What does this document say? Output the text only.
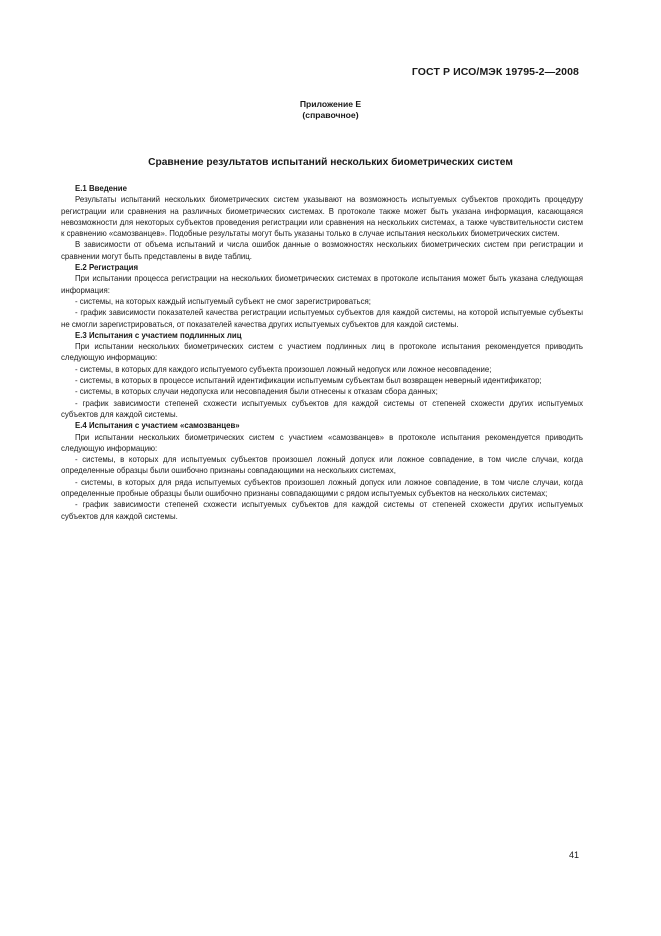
ГОСТ Р ИСО/МЭК 19795-2—2008
Приложение Е
(справочное)
Сравнение результатов испытаний нескольких биометрических систем
Е.1 Введение

Результаты испытаний нескольких биометрических систем указывают на возможность испытуемых субъектов проходить процедуру регистрации или сравнения на различных биометрических системах. В протоколе также может быть указана информация, касающаяся невозможности для некоторых субъектов проведения регистрации или сравнения на нескольких системах, а также чувствительности систем к сравнению «самозванцев». Подобные результаты могут быть указаны только в случае испытания нескольких биометрических систем.

В зависимости от объема испытаний и числа ошибок данные о возможностях нескольких биометрических систем при регистрации и сравнении могут быть представлены в виде таблиц.

Е.2 Регистрация

При испытании процесса регистрации на нескольких биометрических системах в протоколе испытания может быть указана следующая информация:

- системы, на которых каждый испытуемый субъект не смог зарегистрироваться;

- график зависимости показателей качества регистрации испытуемых субъектов для каждой системы, на которой испытуемые субъекты не смогли зарегистрироваться, от показателей качества других испытуемых субъектов для каждой системы.

Е.3 Испытания с участием подлинных лиц

При испытании нескольких биометрических систем с участием подлинных лиц в протоколе испытания рекомендуется приводить следующую информацию:

- системы, в которых для каждого испытуемого субъекта произошел ложный недопуск или ложное несовпадение;

- системы, в которых в процессе испытаний идентификации испытуемым субъектам был возвращен неверный идентификатор;

- системы, в которых случаи недопуска или несовпадения были отнесены к отказам сбора данных;

- график зависимости степеней схожести испытуемых субъектов для каждой системы от степеней схожести других испытуемых субъектов для каждой системы.

Е.4 Испытания с участием «самозванцев»

При испытании нескольких биометрических систем с участием «самозванцев» в протоколе испытания рекомендуется приводить следующую информацию:

- системы, в которых для испытуемых субъектов произошел ложный допуск или ложное совпадение, в том числе случаи, когда определенные образцы были ошибочно признаны совпадающими на нескольких системах,

- системы, в которых для ряда испытуемых субъектов произошел ложный допуск или ложное совпадение, в том числе случаи, когда определенные пробные образцы были ошибочно признаны совпадающими с рядом испытуемых субъектов на нескольких системах;

- график зависимости степеней схожести испытуемых субъектов для каждой системы от степеней схожести других испытуемых субъектов для каждой системы.

41
